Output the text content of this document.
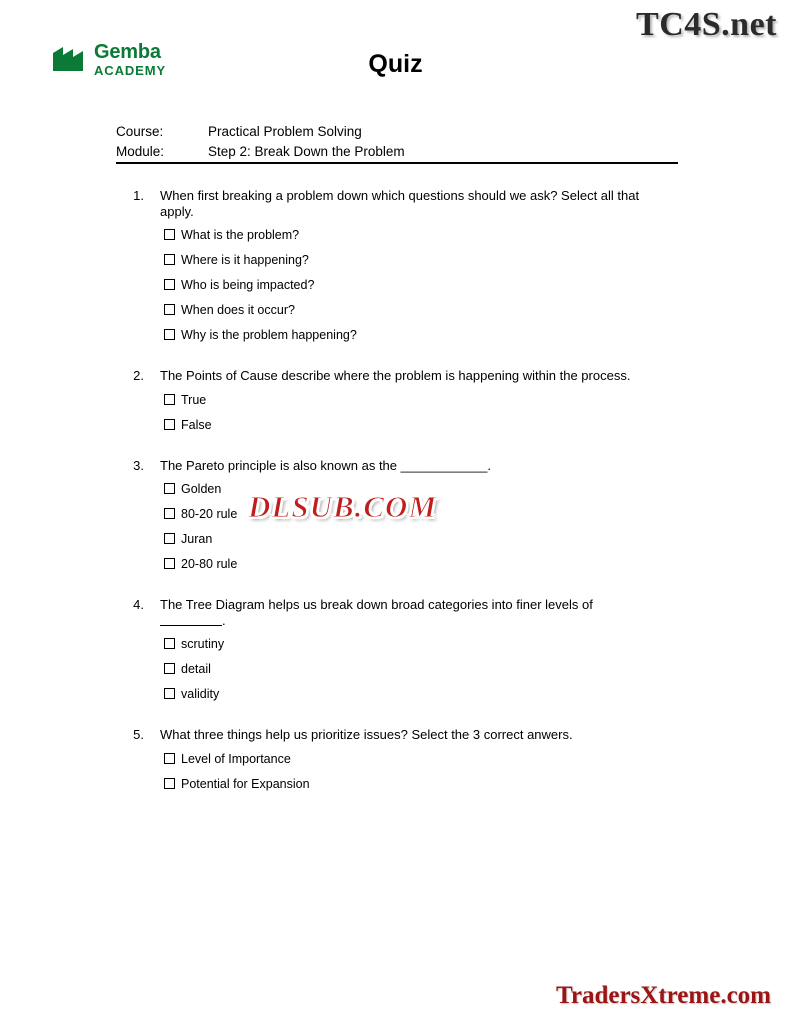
TC4S.net
Gemba
ACADEMY	Quiz
Course:	Practical Problem Solving
Module:	Step 2: Break Down the Problem
1.	When first breaking a problem down which questions should we ask? Select all that apply.
What is the problem?
Where is it happening?
Who is being impacted?
When does it occur?
Why is the problem happening?
2.	The Points of Cause describe where the problem is happening within the process.
True
False
3.	The Pareto principle is also known as the ____________.
Golden
80-20 rule
Juran
20-80 rule
4.	The Tree Diagram helps us break down broad categories into finer levels of
.
scrutiny
detail
validity
5.	What three things help us prioritize issues? Select the 3 correct anwers.
Level of Importance
Potential for Expansion
DLSUB.COM
TradersXtreme.com
